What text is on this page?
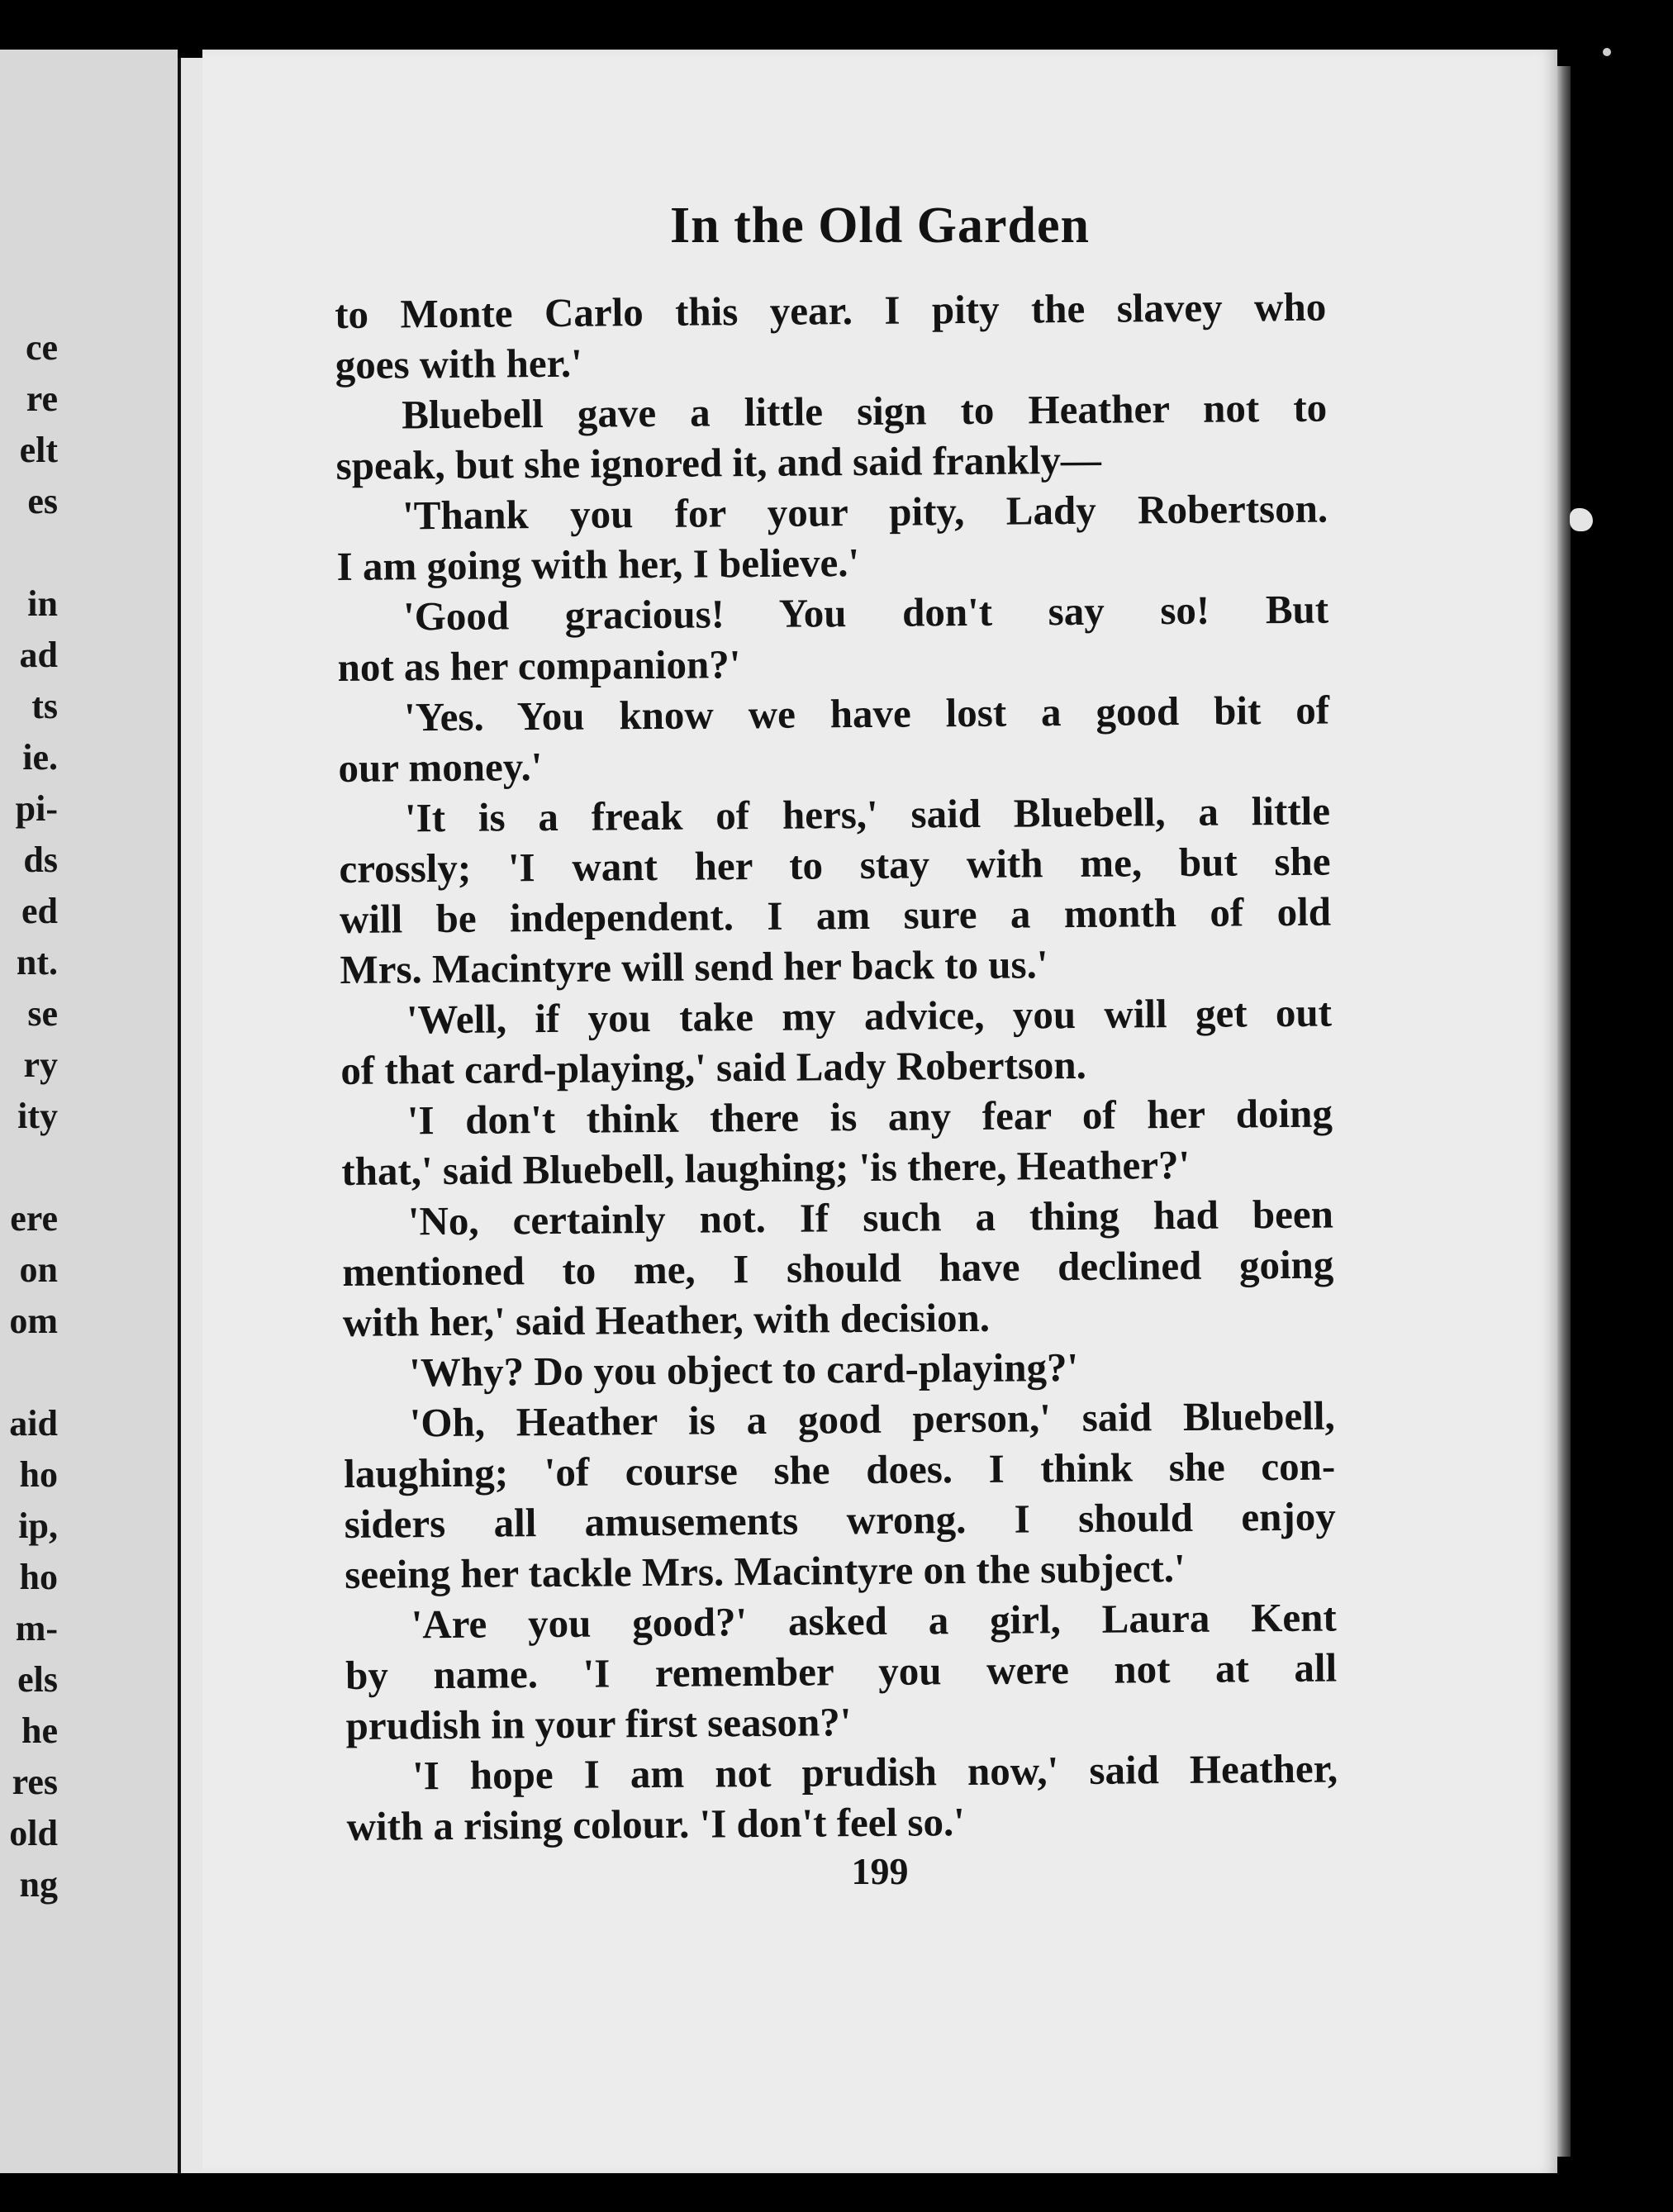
ce
re
elt
es
in
ad
ts
ie.
pi-
ds
ed
nt.
se
ry
ity
ere
on
om
aid
ho
ip,
ho
m-
els
he
res
old
ng
In the Old Garden

to Monte Carlo this year. I pity the slavey who
goes with her.'

Bluebell gave a little sign to Heather not to
speak, but she ignored it, and said frankly—

'Thank you for your pity, Lady Robertson.
I am going with her, I believe.'

'Good gracious! You don't say so! But
not as her companion?'

'Yes. You know we have lost a good bit of
our money.'

'It is a freak of hers,' said Bluebell, a little
crossly; 'I want her to stay with me, but she
will be independent. I am sure a month of old
Mrs. Macintyre will send her back to us.'

'Well, if you take my advice, you will get out
of that card-playing,' said Lady Robertson.

'I don't think there is any fear of her doing
that,' said Bluebell, laughing; 'is there, Heather?'

'No, certainly not. If such a thing had been
mentioned to me, I should have declined going
with her,' said Heather, with decision.

'Why? Do you object to card-playing?'

'Oh, Heather is a good person,' said Bluebell,
laughing; 'of course she does. I think she con-
siders all amusements wrong. I should enjoy
seeing her tackle Mrs. Macintyre on the subject.'

'Are you good?' asked a girl, Laura Kent
by name. 'I remember you were not at all
prudish in your first season?'

'I hope I am not prudish now,' said Heather,
with a rising colour. 'I don't feel so.'

199
